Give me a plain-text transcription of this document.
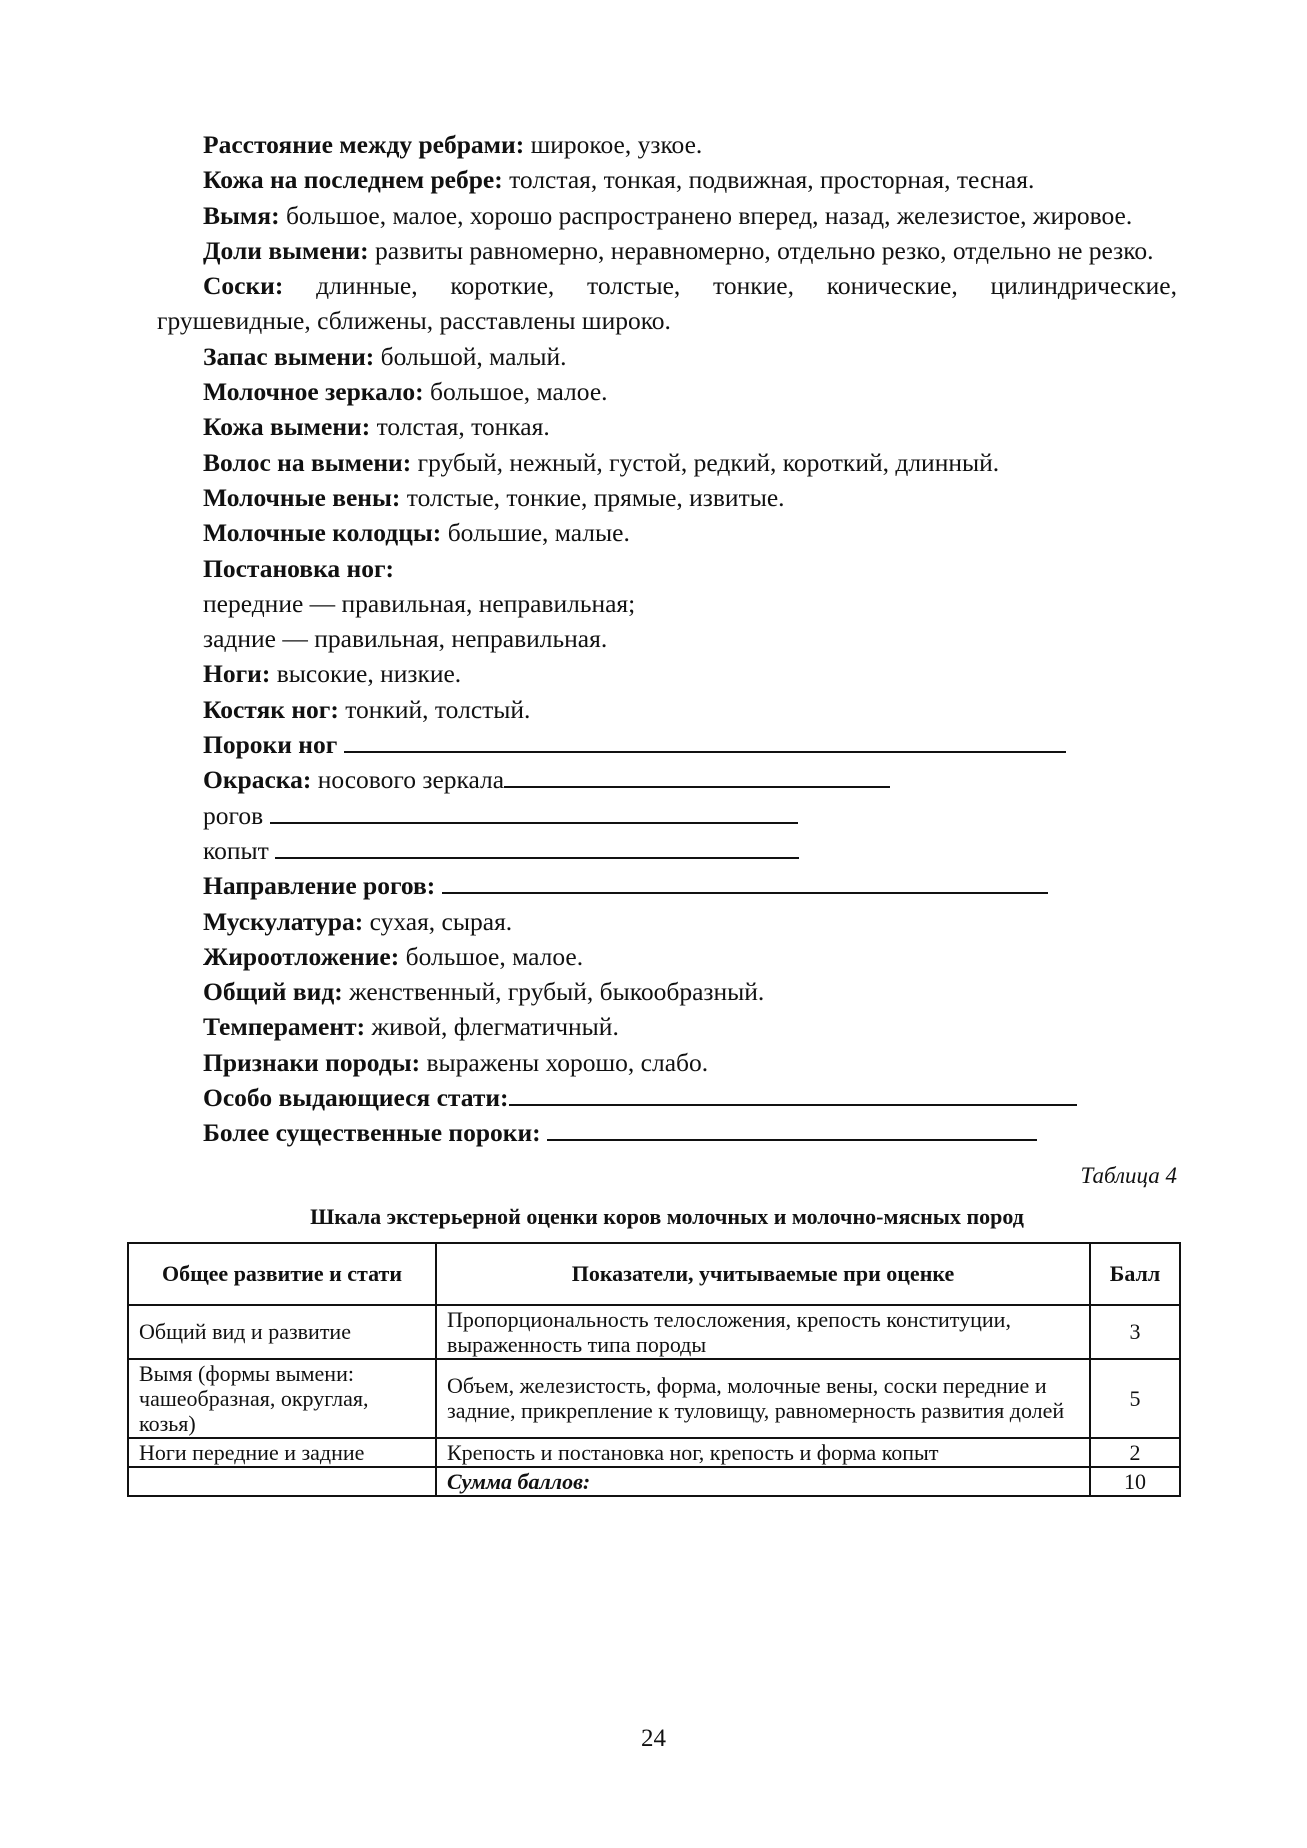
Расстояние между ребрами: широкое, узкое.

Кожа на последнем ребре: толстая, тонкая, подвижная, просторная, тесная.

Вымя: большое, малое, хорошо распространено вперед, назад, железистое, жировое.

Доли вымени: развиты равномерно, неравномерно, отдельно резко, отдельно не резко.

Соски: длинные, короткие, толстые, тонкие, конические, цилиндрические, грушевидные, сближены, расставлены широко.

Запас вымени: большой, малый.

Молочное зеркало: большое, малое.

Кожа вымени: толстая, тонкая.

Волос на вымени: грубый, нежный, густой, редкий, короткий, длинный.

Молочные вены: толстые, тонкие, прямые, извитые.

Молочные колодцы: большие, малые.

Постановка ног:

передние — правильная, неправильная;

задние — правильная, неправильная.

Ноги: высокие, низкие.

Костяк ног: тонкий, толстый.

Пороки ног

Окраска: носового зеркала

рогов

копыт

Направление рогов:

Мускулатура: сухая, сырая.

Жироотложение: большое, малое.

Общий вид: женственный, грубый, быкообразный.

Темперамент: живой, флегматичный.

Признаки породы: выражены хорошо, слабо.

Особо выдающиеся стати:

Более существенные пороки:

Таблица 4
Шкала экстерьерной оценки коров молочных и молочно-мясных пород
Общее развитие и стати	Показатели, учитываемые при оценке	Балл
Общий вид и развитие	Пропорциональность телосложения, крепость конституции, выраженность типа породы	3
Вымя (формы вымени: чашеобразная, округлая, козья)	Объем, железистость, форма, молочные вены, соски передние и задние, прикрепление к туловищу, равномерность развития долей	5
Ноги передние и задние	Крепость и постановка ног, крепость и форма копыт	2
	Сумма баллов:	10
24
